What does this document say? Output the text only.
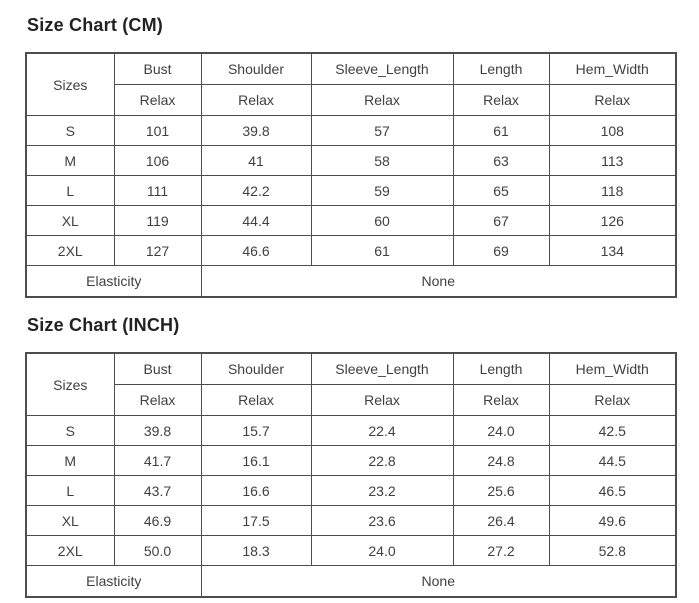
Size Chart (CM)
Sizes	Bust	Shoulder	Sleeve_Length	Length	Hem_Width
	Relax	Relax	Relax	Relax	Relax
S	101	39.8	57	61	108
M	106	41	58	63	113
L	111	42.2	59	65	118
XL	119	44.4	60	67	126
2XL	127	46.6	61	69	134
Elasticity		None			
Size Chart (INCH)
Sizes	Bust	Shoulder	Sleeve_Length	Length	Hem_Width
	Relax	Relax	Relax	Relax	Relax
S	39.8	15.7	22.4	24.0	42.5
M	41.7	16.1	22.8	24.8	44.5
L	43.7	16.6	23.2	25.6	46.5
XL	46.9	17.5	23.6	26.4	49.6
2XL	50.0	18.3	24.0	27.2	52.8
Elasticity		None			
